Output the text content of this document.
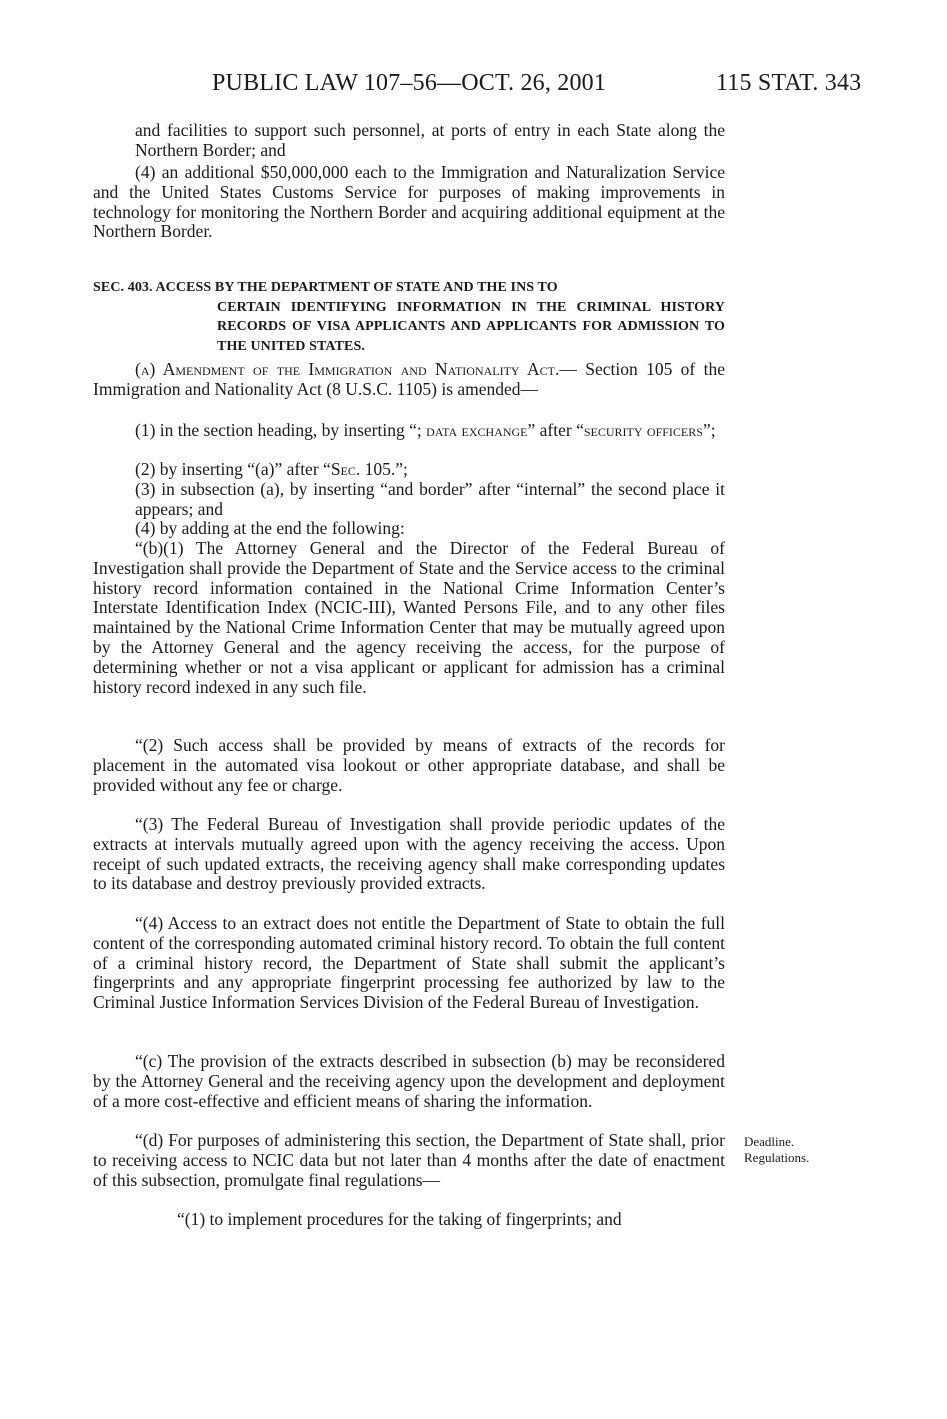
PUBLIC LAW 107–56—OCT. 26, 2001	115 STAT. 343
and facilities to support such personnel, at ports of entry in each State along the Northern Border; and
(4) an additional $50,000,000 each to the Immigration and Naturalization Service and the United States Customs Service for purposes of making improvements in technology for monitoring the Northern Border and acquiring additional equipment at the Northern Border.
SEC. 403. ACCESS BY THE DEPARTMENT OF STATE AND THE INS TO
CERTAIN IDENTIFYING INFORMATION IN THE CRIMINAL HISTORY RECORDS OF VISA APPLICANTS AND APPLICANTS FOR ADMISSION TO THE UNITED STATES.
(a) Amendment of the Immigration and Nationality Act.— Section 105 of the Immigration and Nationality Act (8 U.S.C. 1105) is amended—
(1) in the section heading, by inserting “; data exchange” after “security officers”;
(2) by inserting “(a)” after “Sec. 105.”;
(3) in subsection (a), by inserting “and border” after “internal” the second place it appears; and
(4) by adding at the end the following:
“(b)(1) The Attorney General and the Director of the Federal Bureau of Investigation shall provide the Department of State and the Service access to the criminal history record information contained in the National Crime Information Center’s Interstate Identification Index (NCIC-III), Wanted Persons File, and to any other files maintained by the National Crime Information Center that may be mutually agreed upon by the Attorney General and the agency receiving the access, for the purpose of determining whether or not a visa applicant or applicant for admission has a criminal history record indexed in any such file.
“(2) Such access shall be provided by means of extracts of the records for placement in the automated visa lookout or other appropriate database, and shall be provided without any fee or charge.
“(3) The Federal Bureau of Investigation shall provide periodic updates of the extracts at intervals mutually agreed upon with the agency receiving the access. Upon receipt of such updated extracts, the receiving agency shall make corresponding updates to its database and destroy previously provided extracts.
“(4) Access to an extract does not entitle the Department of State to obtain the full content of the corresponding automated criminal history record. To obtain the full content of a criminal history record, the Department of State shall submit the applicant’s fingerprints and any appropriate fingerprint processing fee authorized by law to the Criminal Justice Information Services Division of the Federal Bureau of Investigation.
“(c) The provision of the extracts described in subsection (b) may be reconsidered by the Attorney General and the receiving agency upon the development and deployment of a more cost-effective and efficient means of sharing the information.
“(d) For purposes of administering this section, the Department of State shall, prior to receiving access to NCIC data but not later than 4 months after the date of enactment of this subsection, promulgate final regulations—
“(1) to implement procedures for the taking of fingerprints; and
Deadline.
Regulations.
